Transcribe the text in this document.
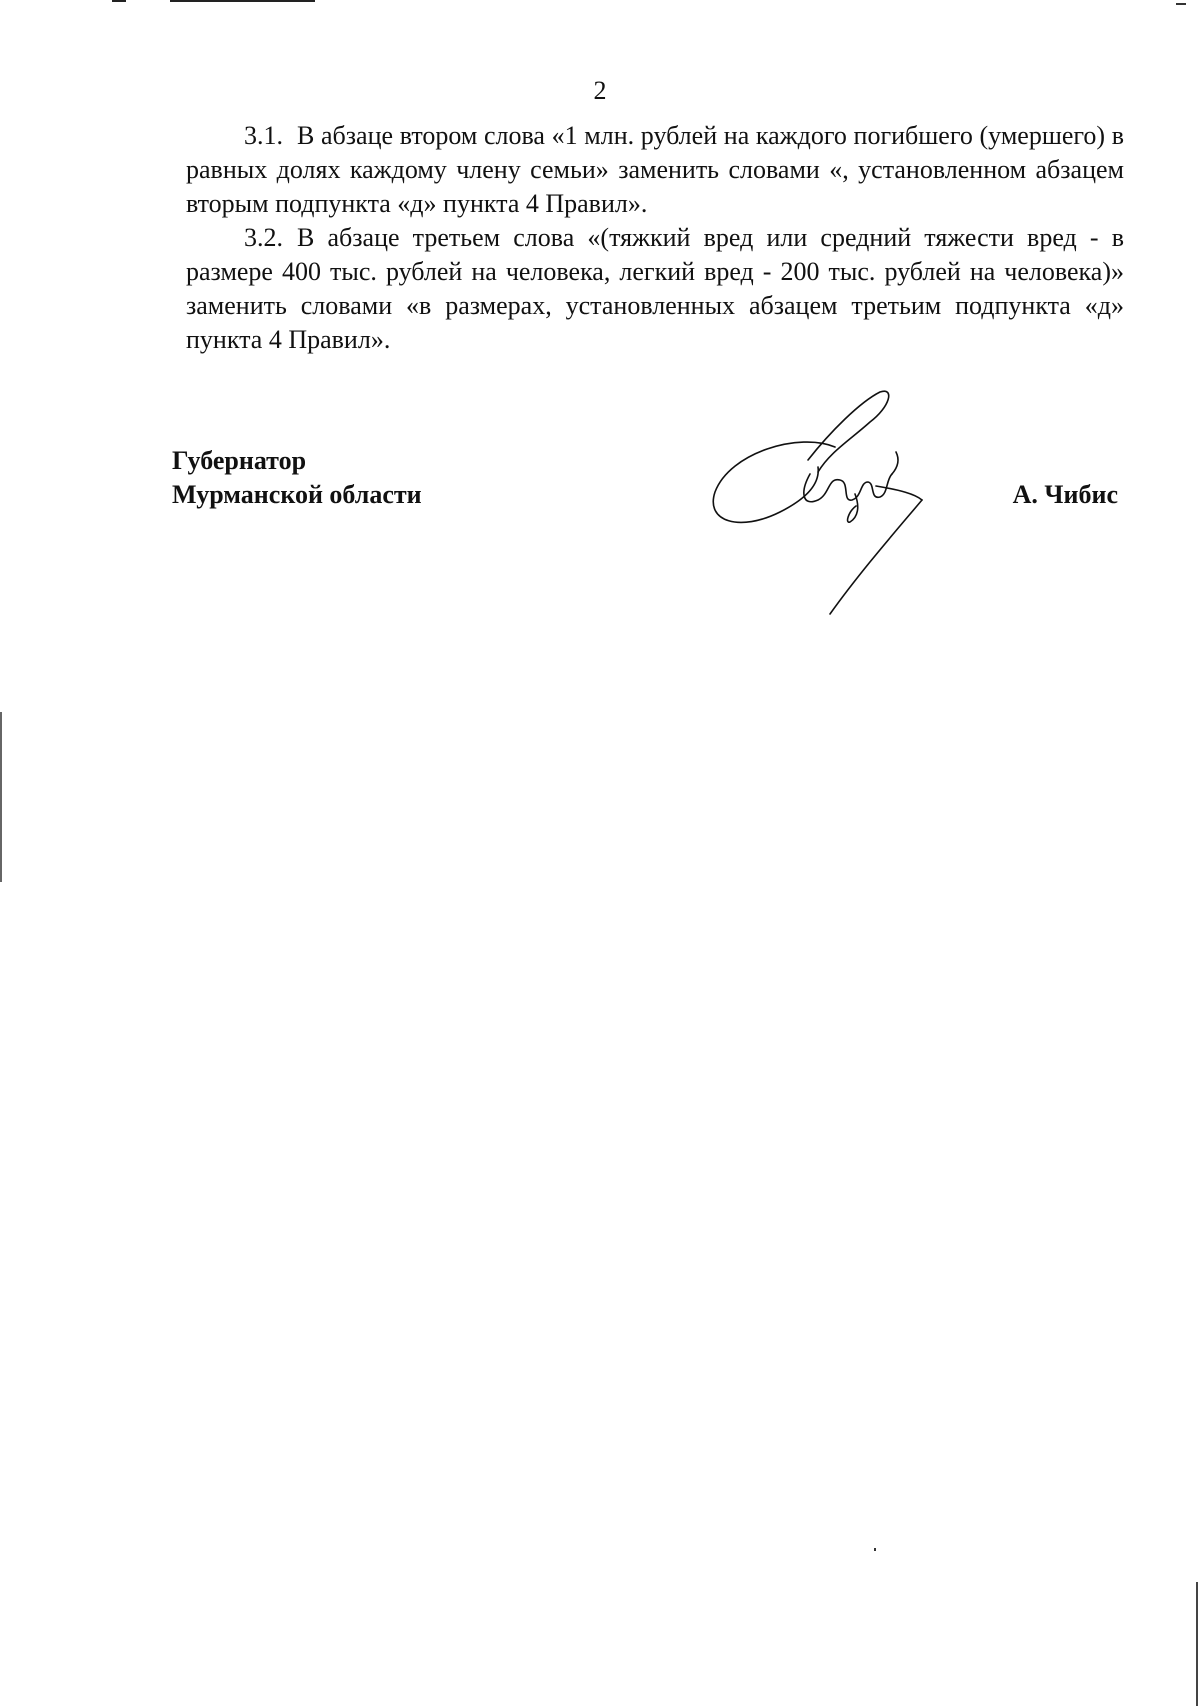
2

3.1. В абзаце втором слова «1 млн. рублей на каждого погибшего (умершего) в равных долях каждому члену семьи» заменить словами «, установленном абзацем вторым подпункта «д» пункта 4 Правил».

3.2. В абзаце третьем слова «(тяжкий вред или средний тяжести вред - в размере 400 тыс. рублей на человека, легкий вред - 200 тыс. рублей на человека)» заменить словами «в размерах, установленных абзацем третьим подпункта «д» пункта 4 Правил».

Губернатор
Мурманской области	А. Чибис
